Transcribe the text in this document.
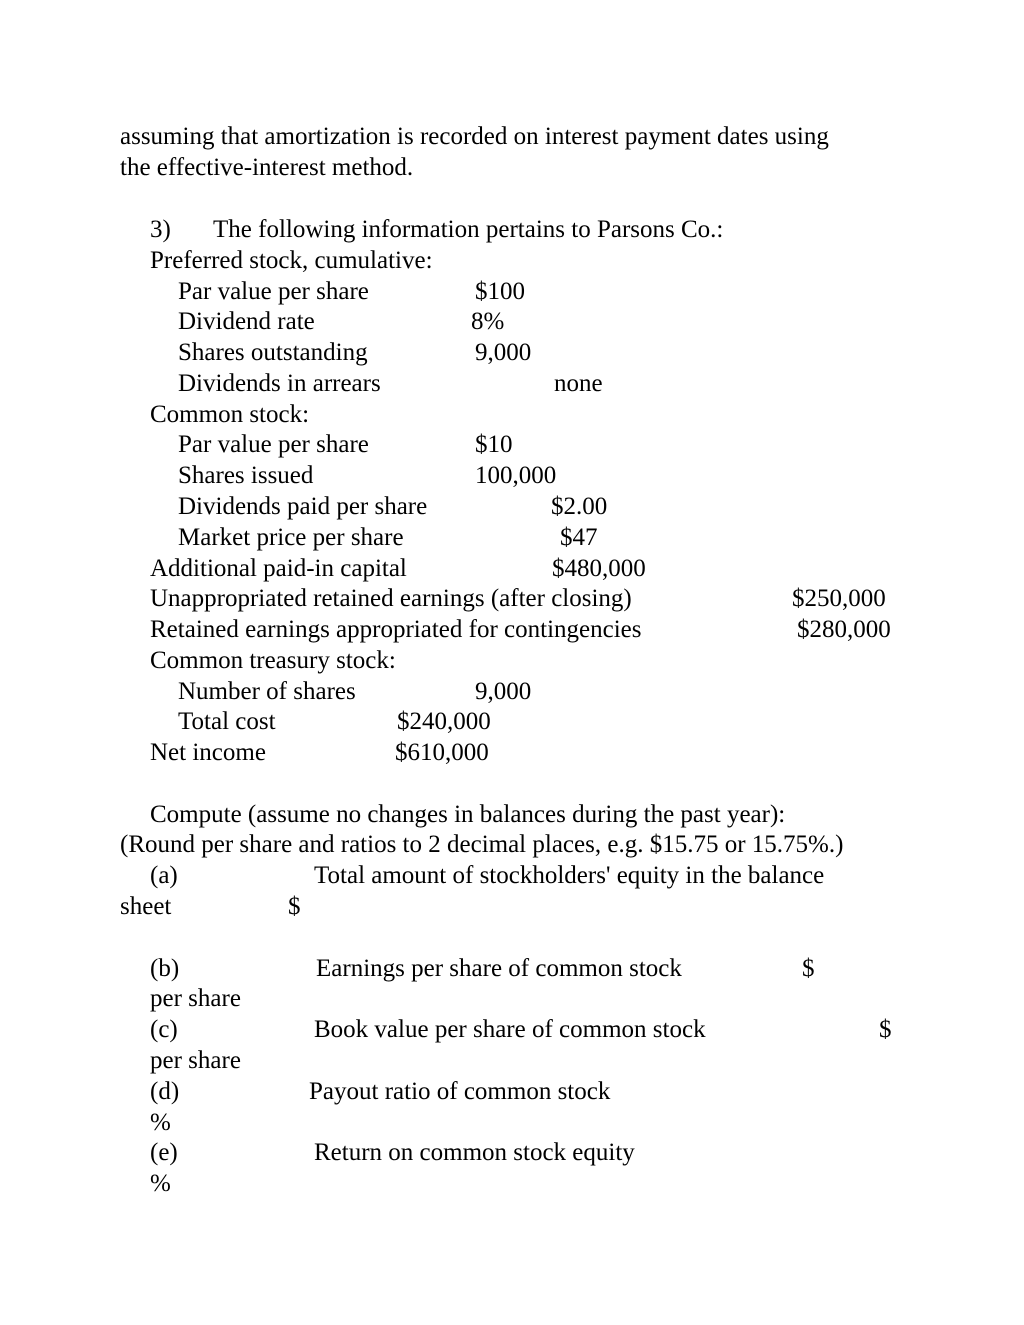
assuming that amortization is recorded on interest payment dates using
the effective-interest method.
3) The following information pertains to Parsons Co.:
Preferred stock, cumulative:
Par value per share	$100
Dividend rate	8%
Shares outstanding	9,000
Dividends in arrears	none
Common stock:
Par value per share	$10
Shares issued	100,000
Dividends paid per share	$2.00
Market price per share	$47
Additional paid-in capital	$480,000
Unappropriated retained earnings (after closing)	$250,000
Retained earnings appropriated for contingencies	$280,000
Common treasury stock:
Number of shares	9,000
Total cost	$240,000
Net income	$610,000
Compute (assume no changes in balances during the past year):
(Round per share and ratios to 2 decimal places, e.g. $15.75 or 15.75%.)
(a)	Total amount of stockholders' equity in the balance
sheet	$
(b)	Earnings per share of common stock	$
per share
(c)	Book value per share of common stock	$
per share
(d)	Payout ratio of common stock
%
(e)	Return on common stock equity
%
